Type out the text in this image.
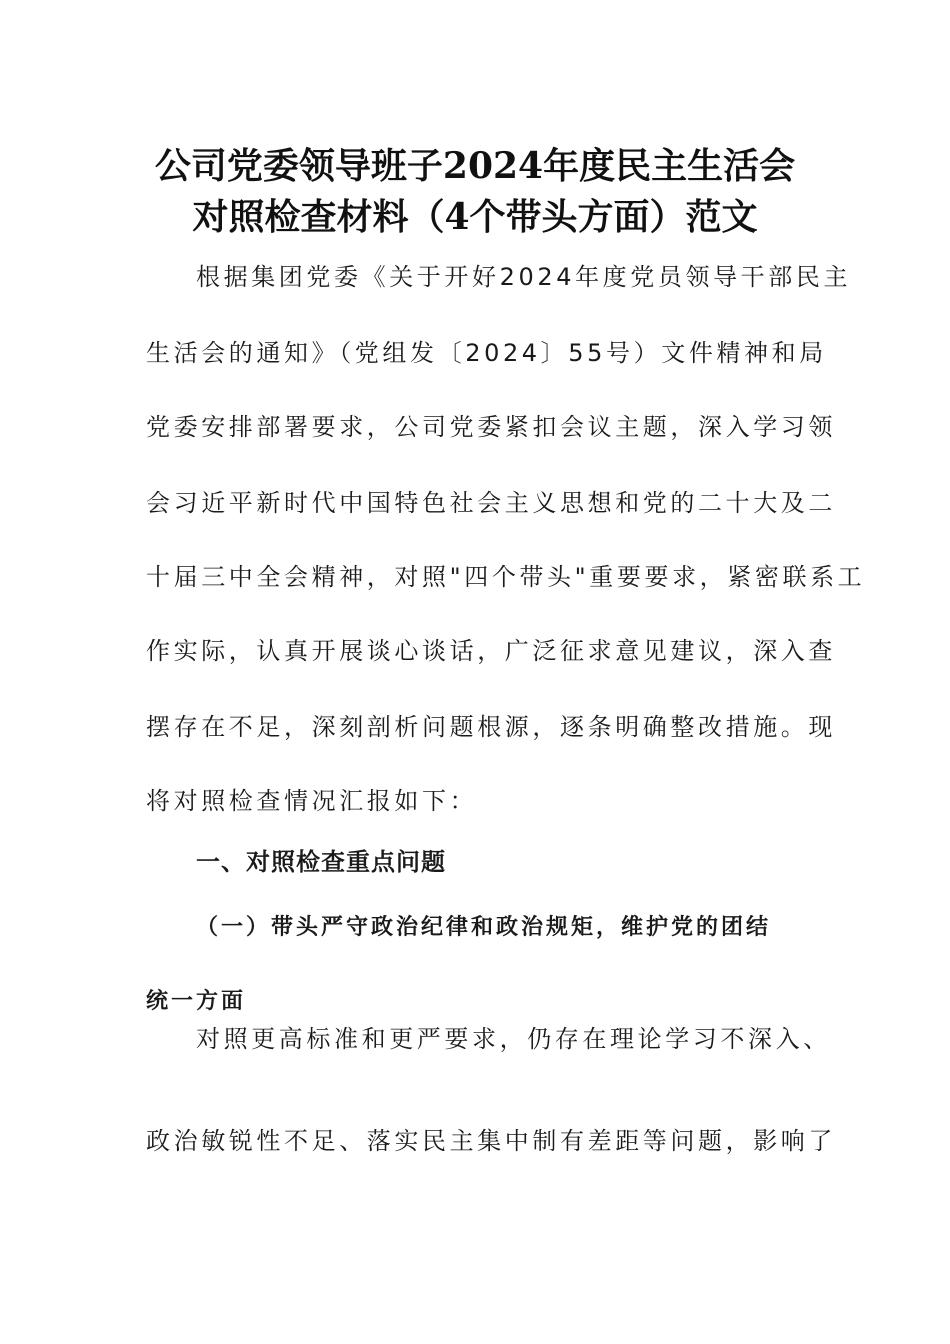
公司党委领导班子2024年度民主生活会
对照检查材料（4个带头方面）范文

根据集团党委《关于开好2024年度党员领导干部民主

生活会的通知》（党组发〔2024〕55号）文件精神和局

党委安排部署要求，公司党委紧扣会议主题，深入学习领

会习近平新时代中国特色社会主义思想和党的二十大及二

十届三中全会精神，对照"四个带头"重要要求，紧密联系工

作实际，认真开展谈心谈话，广泛征求意见建议，深入查

摆存在不足，深刻剖析问题根源，逐条明确整改措施。现

将对照检查情况汇报如下：

一、对照检查重点问题
（一）带头严守政治纪律和政治规矩，维护党的团结
统一方面

对照更高标准和更严要求，仍存在理论学习不深入、

政治敏锐性不足、落实民主集中制有差距等问题，影响了
